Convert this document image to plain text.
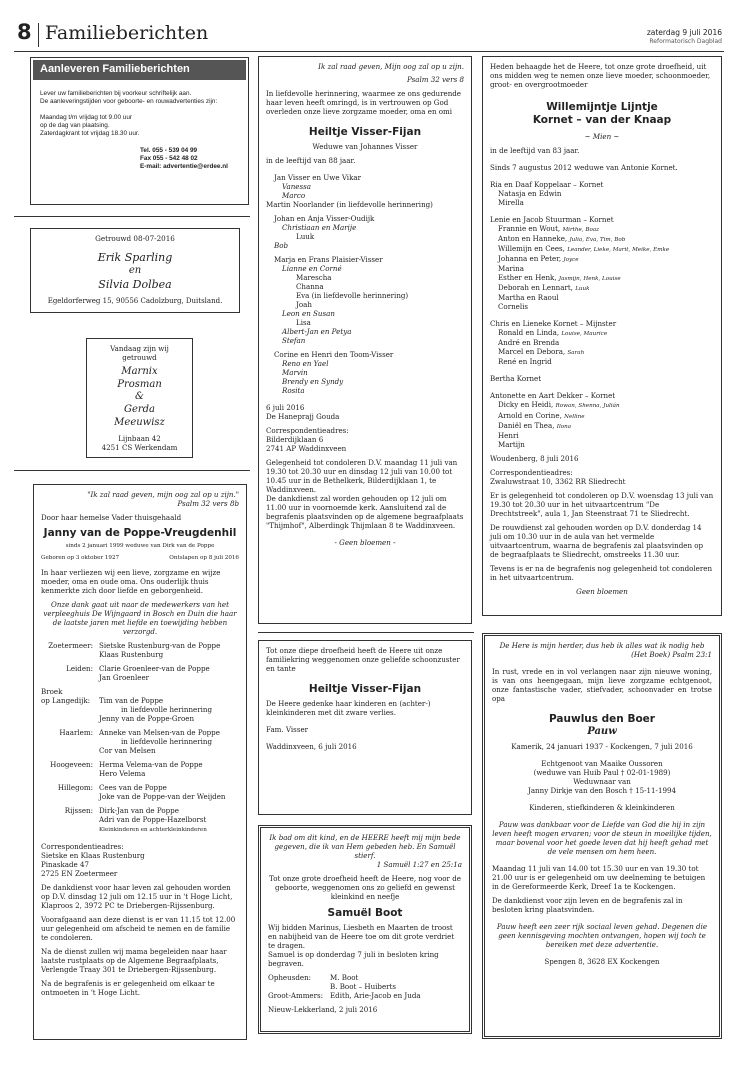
8 Familieberichten	zaterdag 9 juli 2016
Reformatorisch Dagblad
Aanleveren Familieberichten

Lever uw familieberichten bij voorkeur schriftelijk aan.

De aanleveringstijden voor geboorte- en rouwadvertenties zijn:

Maandag t/m vrijdag tot 9.00 uur

op de dag van plaatsing.

Zaterdagkrant tot vrijdag 18.30 uur.

Tel. 055 - 539 04 99

Fax 055 - 542 48 02

E-mail: advertentie@erdee.nl

Getrouwd 08-07-2016

Erik Sparling

en

Silvia Dolbea

Egeldorferweg 15, 90556 Cadolzburg, Duitsland.

Vandaag zijn wij

getrouwd

Marnix

Prosman

&

Gerda

Meeuwisz

Lijnbaan 42

4251 CS Werkendam

"Ik zal raad geven, mijn oog zal op u zijn."

Psalm 32 vers 8b

Door haar hemelse Vader thuisgehaald

Janny van de Poppe-Vreugdenhil

sinds 2 januari 1999 weduwe van Dirk van de Poppe

Geboren op 3 oktober 1927	Ontslapen op 8 juli 2016

In haar verliezen wij een lieve, zorgzame en wijze moeder, oma en oude oma. Ons ouderlijk thuis kenmerkte zich door liefde en geborgenheid.

Onze dank gaat uit naar de medewerkers van het verpleeghuis De Wijngaard in Bosch en Duin die haar de laatste jaren met liefde en toewijding hebben verzorgd.

Zoetermeer: Sietske Rustenburg-van de Poppe

Klaas Rustenburg

Leiden: Clarie Groenleer-van de Poppe

Jan Groenleer

Broek
op Langedijk:	Tim van de Poppe

in liefdevolle herinnering

Jenny van de Poppe-Groen

Haarlem: Anneke van Melsen-van de Poppe

in liefdevolle herinnering

Cor van Melsen

Hoogeveen: Herma Velema-van de Poppe

Hero Velema

Hillegom: Cees van de Poppe

Joke van de Poppe-van der Weijden

Rijssen: Dirk-Jan van de Poppe

Adri van de Poppe-Hazelborst

Kleinkinderen en achterkleinkinderen

Correspondentieadres:

Sietske en Klaas Rustenburg

Pinaskade 47

2725 EN Zoetermeer

De dankdienst voor haar leven zal gehouden worden op D.V. dinsdag 12 juli om 12.15 uur in 't Hoge Licht, Klaproos 2, 3972 PC te Driebergen-Rijssenburg.

Voorafgaand aan deze dienst is er van 11.15 tot 12.00 uur gelegenheid om afscheid te nemen en de familie te condoleren.

Na de dienst zullen wij mama begeleiden naar haar laatste rustplaats op de Algemene Begraafplaats, Verlengde Traay 301 te Driebergen-Rijssenburg.

Na de begrafenis is er gelegenheid om elkaar te ontmoeten in 't Hoge Licht.

Ik zal raad geven, Mijn oog zal op u zijn.

Psalm 32 vers 8

In liefdevolle herinnering, waarmee ze ons gedurende haar leven heeft omringd, is in vertrouwen op God overleden onze lieve zorgzame moeder, oma en omi

Heiltje Visser-Fijan

Weduwe van Johannes Visser

in de leeftijd van 88 jaar.

Jan Visser en Uwe Vikar

Vanessa

Marco

Martin Noorlander (in liefdevolle herinnering)

Johan en Anja Visser-Oudijk

Christiaan en Marije

Luuk

Bob

Marja en Frans Plaisier-Visser

Lianne en Corné

Marescha

Channa

Eva (in liefdevolle herinnering)

Joah

Leon en Susan

Lisa

Albert-Jan en Petya

Stefan

Corine en Henri den Toom-Visser

Reno en Yael

Marvin

Brendy en Syndy

Rosita

6 juli 2016

De Haneprajj Gouda

Correspondentieadres:

Bilderdijklaan 6

2741 AP Waddinxveen

Gelegenheid tot condoleren D.V. maandag 11 juli van 19.30 tot 20.30 uur en dinsdag 12 juli van 10.00 tot 10.45 uur in de Bethelkerk, Bilderdijklaan 1, te Waddinxveen.

De dankdienst zal worden gehouden op 12 juli om 11.00 uur in voornoemde kerk. Aansluitend zal de begrafenis plaatsvinden op de algemene begraafplaats "Thijmhof", Alberdingk Thijmlaan 8 te Waddinxveen.

- Geen bloemen -

Tot onze diepe droefheid heeft de Heere uit onze familiekring weggenomen onze geliefde schoonzuster en tante

Heiltje Visser-Fijan

De Heere gedenke haar kinderen en (achter-) kleinkinderen met dit zware verlies.

Fam. Visser

Waddinxveen, 6 juli 2016

Ik bad om dit kind, en de HEERE heeft mij mijn bede gegeven, die ik van Hem gebeden heb. En Samuël stierf.

1 Samuël 1:27 en 25:1a

Tot onze grote droefheid heeft de Heere, nog voor de geboorte, weggenomen ons zo geliefd en gewenst kleinkind en neefje

Samuël Boot

Wij bidden Marinus, Liesbeth en Maarten de troost en nabijheid van de Heere toe om dit grote verdriet te dragen.

Samuel is op donderdag 7 juli in besloten kring begraven.

Opheusden:	M. Boot

B. Boot – Huiberts

Groot-Ammers: Edith, Arie-Jacob en Juda

Nieuw-Lekkerland, 2 juli 2016

Heden behaagde het de Heere, tot onze grote droefheid, uit ons midden weg te nemen onze lieve moeder, schoonmoeder, groot- en overgrootmoeder

Willemijntje Lijntje

Kornet – van der Knaap

~ Mien ~

in de leeftijd van 83 jaar.

Sinds 7 augustus 2012 weduwe van Antonie Kornet.

Ria en Daaf Koppelaar – Kornet

Natasja en Edwin

Mirella

Lenie en Jacob Stuurman – Kornet

Frannie en Wout, Mirthe, Boaz

Anton en Hanneke, Julia, Eva, Tim, Bob

Willemijn en Cees, Leander, Lieke, Marit, Meike, Emke

Johanna en Peter, Joyce

Marina

Esther en Henk, Jasmijn, Henk, Louise

Deborah en Lennart, Luuk

Martha en Raoul

Cornelis

Chris en Lieneke Kornet – Mijnster

Ronald en Linda, Louise, Maurice

André en Brenda

Marcel en Debora, Sarah

René en Ingrid

Bertha Kornet

Antonette en Aart Dekker – Kornet

Dicky en Heidi, Rowan, Shenna, Julián

Arnold en Corine, Nelline

Daniël en Thea, Ilona

Henri

Martijn

Woudenberg, 8 juli 2016

Correspondentieadres:

Zwaluwstraat 10, 3362 RR Sliedrecht

Er is gelegenheid tot condoleren op D.V. woensdag 13 juli van 19.30 tot 20.30 uur in het uitvaartcentrum "De Drechtstreek", aula 1, Jan Steenstraat 71 te Sliedrecht.

De rouwdienst zal gehouden worden op D.V. donderdag 14 juli om 10.30 uur in de aula van het vermelde uitvaartcentrum, waarna de begrafenis zal plaatsvinden op de begraafplaats te Sliedrecht, omstreeks 11.30 uur.

Tevens is er na de begrafenis nog gelegenheid tot condoleren in het uitvaartcentrum.

Geen bloemen

De Here is mijn herder, dus heb ik alles wat ik nodig heb

(Het Boek) Psalm 23:1

In rust, vrede en in vol verlangen naar zijn nieuwe woning, is van ons heengegaan, mijn lieve zorgzame echtgenoot, onze fantastische vader, stiefvader, schoonvader en trotse opa

Pauwlus den Boer

Pauw

Kamerik, 24 januari 1937 - Kockengen, 7 juli 2016

Echtgenoot van Maaike Oussoren

(weduwe van Huib Paul † 02-01-1989)

Weduwnaar van

Janny Dirkje van den Bosch † 15-11-1994

Kinderen, stiefkinderen & kleinkinderen

Pauw was dankbaar voor de Liefde van God die hij in zijn leven heeft mogen ervaren; voor de steun in moeilijke tijden, maar bovenal voor het goede leven dat hij heeft gehad met de vele mensen om hem heen.

Maandag 11 juli van 14.00 tot 15.30 uur en van 19.30 tot 21.00 uur is er gelegenheid om uw deelneming te betuigen in de Gereformeerde Kerk, Dreef 1a te Kockengen.

De dankdienst voor zijn leven en de begrafenis zal in besloten kring plaatsvinden.

Pauw heeft een zeer rijk sociaal leven gehad. Degenen die geen kennisgeving mochten ontvangen, hopen wij toch te bereiken met deze advertentie.

Spengen 8, 3628 EX Kockengen
